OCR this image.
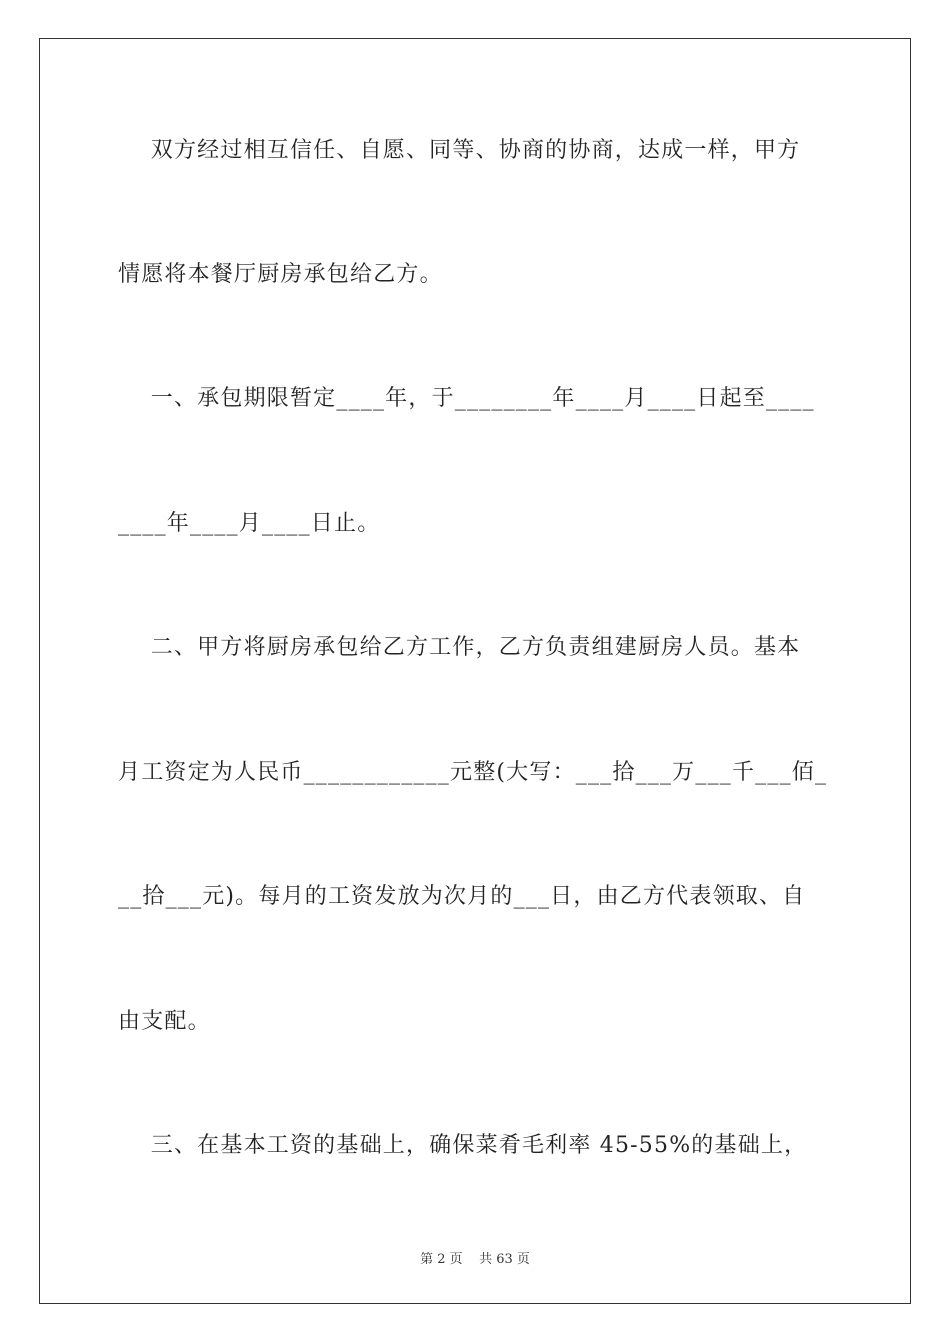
双方经过相互信任、自愿、同等、协商的协商，达成一样，甲方
情愿将本餐厅厨房承包给乙方。
一、承包期限暂定____年，于________年____月____日起至____
____年____月____日止。
二、甲方将厨房承包给乙方工作，乙方负责组建厨房人员。基本
月工资定为人民币____________元整(大写：___拾___万___千___佰_
__拾___元)。每月的工资发放为次月的___日，由乙方代表领取、自
由支配。
三、在基本工资的基础上，确保菜肴毛利率 45-55%的基础上，
第 2 页    共 63 页
